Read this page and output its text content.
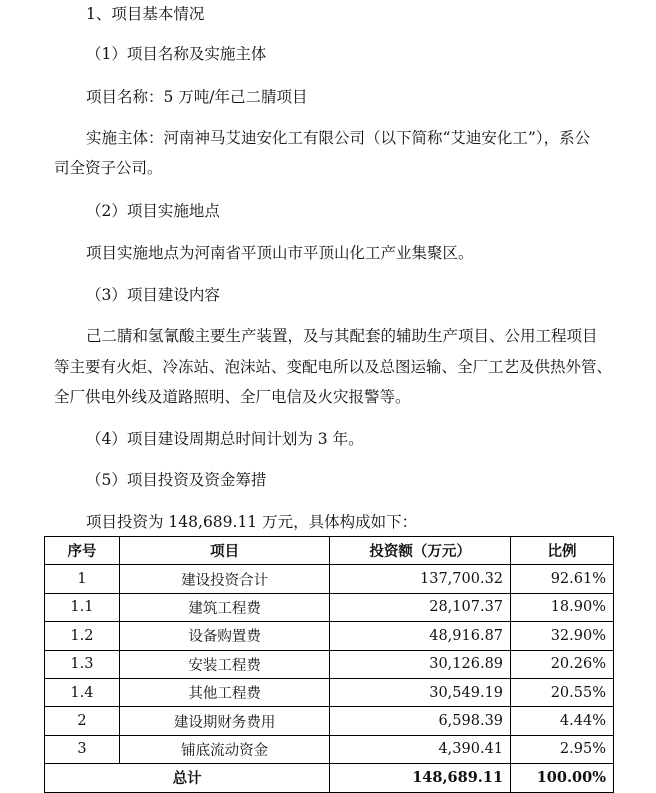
1、项目基本情况

（1）项目名称及实施主体

项目名称：5 万吨/年己二腈项目

实施主体：河南神马艾迪安化工有限公司（以下简称“艾迪安化工”），系公

司全资子公司。

（2）项目实施地点

项目实施地点为河南省平顶山市平顶山化工产业集聚区。

（3）项目建设内容

己二腈和氢氰酸主要生产装置，及与其配套的辅助生产项目、公用工程项目

等主要有火炬、冷冻站、泡沫站、变配电所以及总图运输、全厂工艺及供热外管、

全厂供电外线及道路照明、全厂电信及火灾报警等。

（4）项目建设周期总时间计划为 3 年。

（5）项目投资及资金筹措

项目投资为 148,689.11 万元，具体构成如下：

序号	项目	投资额（万元）	比例
1	建设投资合计	137,700.32	92.61%
1.1	建筑工程费	28,107.37	18.90%
1.2	设备购置费	48,916.87	32.90%
1.3	安装工程费	30,126.89	20.26%
1.4	其他工程费	30,549.19	20.55%
2	建设期财务费用	6,598.39	4.44%
3	铺底流动资金	4,390.41	2.95%
总计		148,689.11	100.00%
